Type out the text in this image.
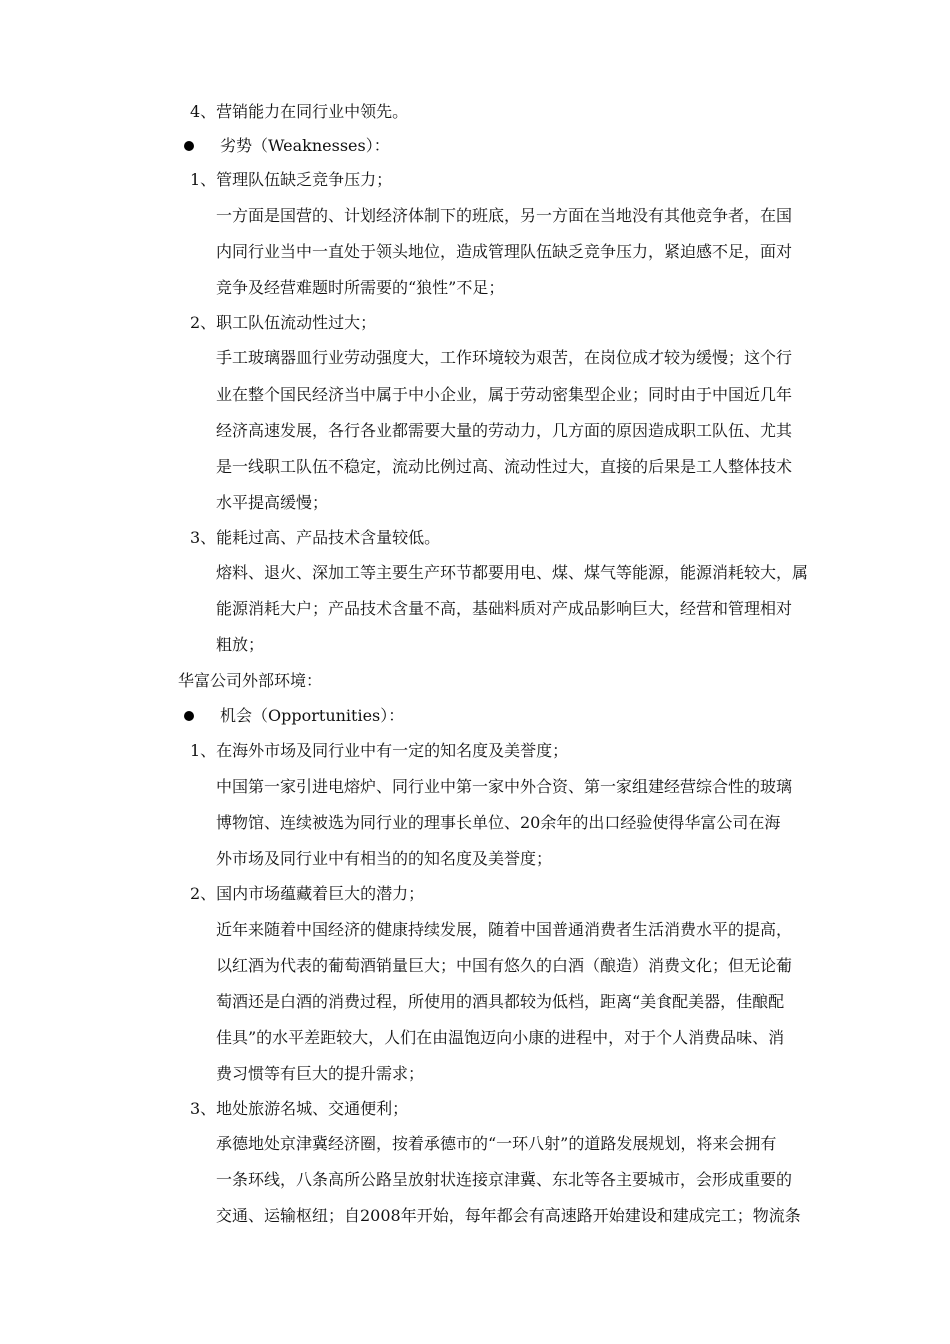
4、营销能力在同行业中领先。
劣势（Weaknesses）：
1、管理队伍缺乏竞争压力；
一方面是国营的、计划经济体制下的班底，另一方面在当地没有其他竞争者，在国
内同行业当中一直处于领头地位，造成管理队伍缺乏竞争压力，紧迫感不足，面对
竞争及经营难题时所需要的“狼性”不足；
2、职工队伍流动性过大；
手工玻璃器皿行业劳动强度大，工作环境较为艰苦，在岗位成才较为缓慢；这个行
业在整个国民经济当中属于中小企业，属于劳动密集型企业；同时由于中国近几年
经济高速发展，各行各业都需要大量的劳动力，几方面的原因造成职工队伍、尤其
是一线职工队伍不稳定，流动比例过高、流动性过大，直接的后果是工人整体技术
水平提高缓慢；
3、能耗过高、产品技术含量较低。
熔料、退火、深加工等主要生产环节都要用电、煤、煤气等能源，能源消耗较大，属
能源消耗大户；产品技术含量不高，基础料质对产成品影响巨大，经营和管理相对
粗放；
华富公司外部环境：
机会（Opportunities）：
1、在海外市场及同行业中有一定的知名度及美誉度；
中国第一家引进电熔炉、同行业中第一家中外合资、第一家组建经营综合性的玻璃
博物馆、连续被选为同行业的理事长单位、20余年的出口经验使得华富公司在海
外市场及同行业中有相当的的知名度及美誉度；
2、国内市场蕴藏着巨大的潜力；
近年来随着中国经济的健康持续发展，随着中国普通消费者生活消费水平的提高，
以红酒为代表的葡萄酒销量巨大；中国有悠久的白酒（酿造）消费文化；但无论葡
萄酒还是白酒的消费过程，所使用的酒具都较为低档，距离“美食配美器，佳酿配
佳具”的水平差距较大，人们在由温饱迈向小康的进程中，对于个人消费品味、消
费习惯等有巨大的提升需求；
3、地处旅游名城、交通便利；
承德地处京津冀经济圈，按着承德市的“一环八射”的道路发展规划，将来会拥有
一条环线，八条高所公路呈放射状连接京津冀、东北等各主要城市，会形成重要的
交通、运输枢纽；自2008年开始，每年都会有高速路开始建设和建成完工；物流条
